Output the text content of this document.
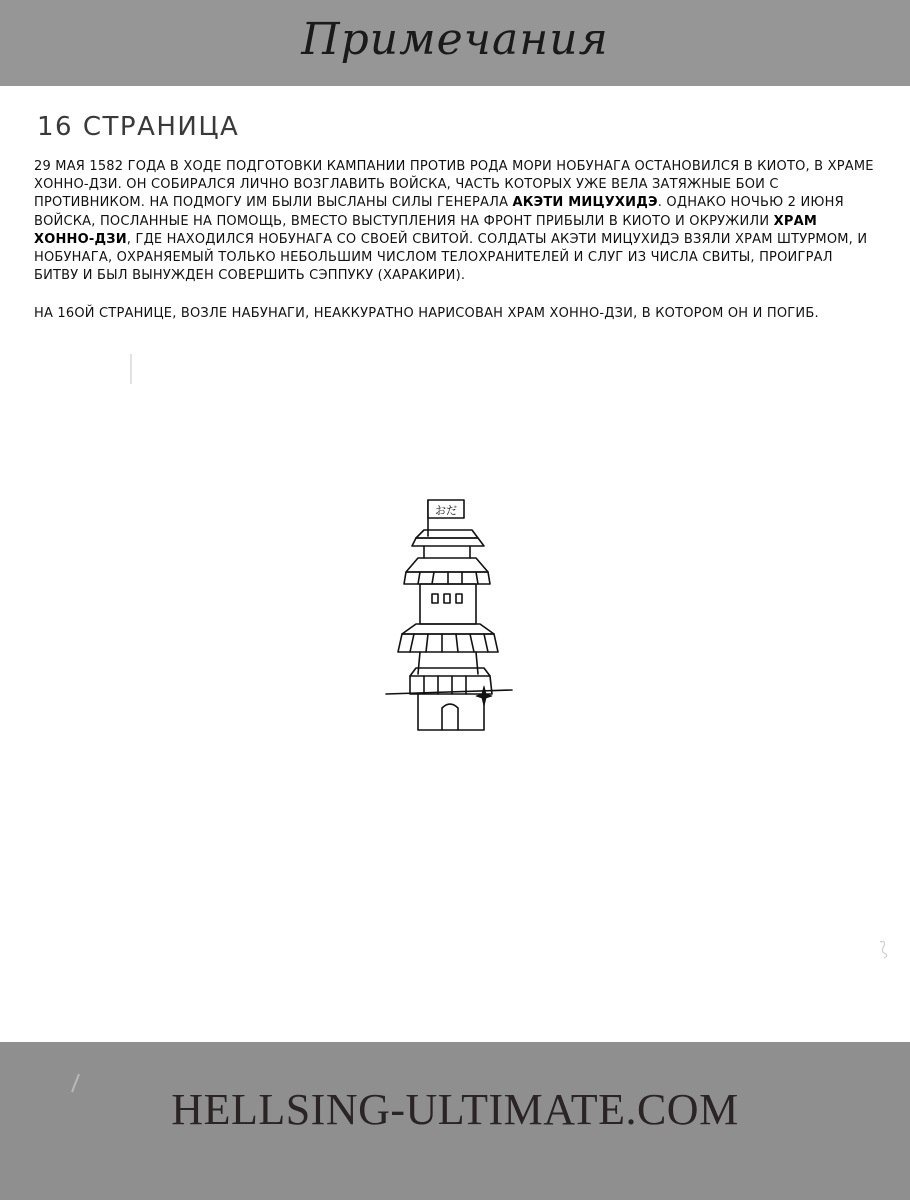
Примечания
16 СТРАНИЦА

29 МАЯ 1582 ГОДА В ХОДЕ ПОДГОТОВКИ КАМПАНИИ ПРОТИВ РОДА МОРИ НОБУНАГА ОСТАНОВИЛСЯ В КИОТО, В ХРАМЕ ХОННО-ДЗИ. ОН СОБИРАЛСЯ ЛИЧНО ВОЗГЛАВИТЬ ВОЙСКА, ЧАСТЬ КОТОРЫХ УЖЕ ВЕЛА ЗАТЯЖНЫЕ БОИ С ПРОТИВНИКОМ. НА ПОДМОГУ ИМ БЫЛИ ВЫСЛАНЫ СИЛЫ ГЕНЕРАЛА АКЭТИ МИЦУХИДЭ. ОДНАКО НОЧЬЮ 2 ИЮНЯ ВОЙСКА, ПОСЛАННЫЕ НА ПОМОЩЬ, ВМЕСТО ВЫСТУПЛЕНИЯ НА ФРОНТ ПРИБЫЛИ В КИОТО И ОКРУЖИЛИ ХРАМ ХОННО-ДЗИ, ГДЕ НАХОДИЛСЯ НОБУНАГА СО СВОЕЙ СВИТОЙ. СОЛДАТЫ АКЭТИ МИЦУХИДЭ ВЗЯЛИ ХРАМ ШТУРМОМ, И НОБУНАГА, ОХРАНЯЕМЫЙ ТОЛЬКО НЕБОЛЬШИМ ЧИСЛОМ ТЕЛОХРАНИТЕЛЕЙ И СЛУГ ИЗ ЧИСЛА СВИТЫ, ПРОИГРАЛ БИТВУ И БЫЛ ВЫНУЖДЕН СОВЕРШИТЬ СЭППУКУ (ХАРАКИРИ).

НА 16ОЙ СТРАНИЦЕ, ВОЗЛЕ НАБУНАГИ, НЕАККУРАТНО НАРИСОВАН ХРАМ ХОННО-ДЗИ, В КОТОРОМ ОН И ПОГИБ.

おだ
HELLSING-ULTIMATE.COM
